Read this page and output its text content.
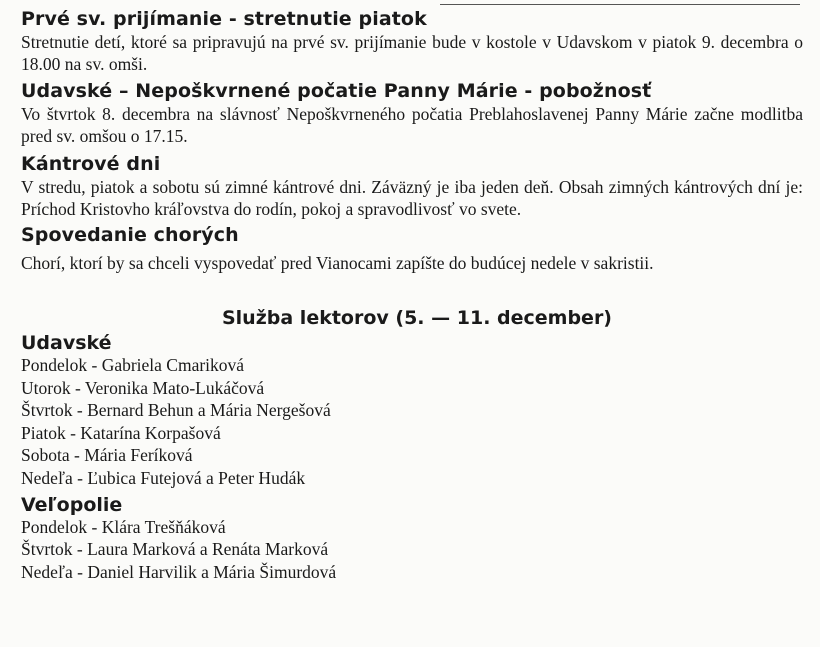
Prvé sv. prijímanie - stretnutie piatok

Stretnutie detí, ktoré sa pripravujú na prvé sv. prijímanie bude v kostole v Udavskom v piatok 9. decembra o 18.00 na sv. omši.

Udavské – Nepoškvrnené počatie Panny Márie - pobožnosť

Vo štvrtok 8. decembra na slávnosť Nepoškvrneného počatia Preblahoslavenej Panny Márie začne modlitba pred sv. omšou o 17.15.

Kántrové dni

V stredu, piatok a sobotu sú zimné kántrové dni. Záväzný je iba jeden deň. Obsah zimných kántrových dní je: Príchod Kristovho kráľovstva do rodín, pokoj a spravodlivosť vo svete.

Spovedanie chorých

Chorí, ktorí by sa chceli vyspovedať pred Vianocami zapíšte do budúcej nedele v sakristii.

Služba lektorov (5. — 11. december)
Udavské
Pondelok - Gabriela Cmariková
Utorok - Veronika Mato-Lukáčová
Štvrtok - Bernard Behun a Mária Nergešová
Piatok - Katarína Korpašová
Sobota - Mária Feríková
Nedeľa - Ľubica Futejová a Peter Hudák
Veľopolie
Pondelok - Klára Trešňáková
Štvrtok - Laura Marková a Renáta Marková
Nedeľa - Daniel Harvilik a Mária Šimurdová
